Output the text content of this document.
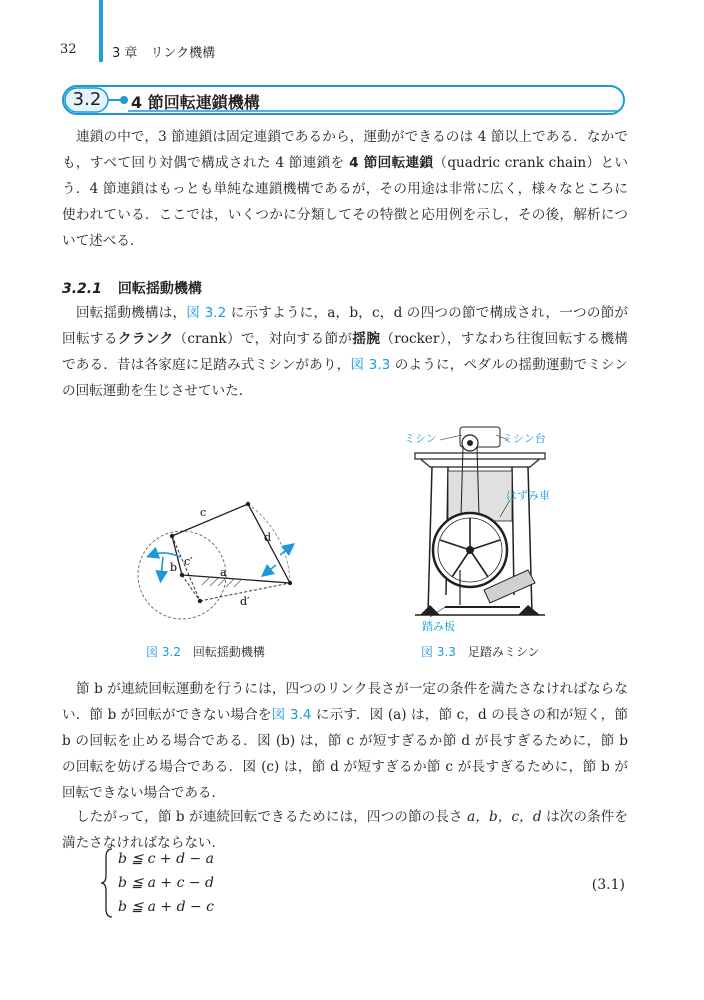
32	3 章　リンク機構
3.2	4 節回転連鎖機構

連鎖の中で，3 節連鎖は固定連鎖であるから，運動ができるのは 4 節以上である．なかでも，すべて回り対偶で構成された 4 節連鎖を 4 節回転連鎖（quadric crank chain）という．4 節連鎖はもっとも単純な連鎖機構であるが，その用途は非常に広く，様々なところに使われている．ここでは，いくつかに分類してその特徴と応用例を示し，その後，解析について述べる．

3.2.1 回転揺動機構

回転揺動機構は，図 3.2 に示すように，a，b，c，d の四つの節で構成され，一つの節が回転するクランク（crank）で，対向する節が揺腕（rocker），すなわち往復回転する機構である．昔は各家庭に足踏み式ミシンがあり，図 3.3 のように，ペダルの揺動運動でミシンの回転運動を生じさせていた．

b
c
d
a
c′
d′
図 3.2 回転揺動機構
ミシン	ミシン台
はずみ車
踏み板
図 3.3 足踏みミシン

節 b が連続回転運動を行うには，四つのリンク長さが一定の条件を満たさなければならない．節 b が回転ができない場合を図 3.4 に示す．図 (a) は，節 c，d の長さの和が短く，節 b の回転を止める場合である．図 (b) は，節 c が短すぎるか節 d が長すぎるために，節 b の回転を妨げる場合である．図 (c) は，節 d が短すぎるか節 c が長すぎるために，節 b が回転できない場合である．

したがって，節 b が連続回転できるためには，四つの節の長さ a，b，c，d は次の条件を満たさなければならない．

b ≦ c + d − a
b ≦ a + c − d
b ≦ a + d − c
(3.1)
